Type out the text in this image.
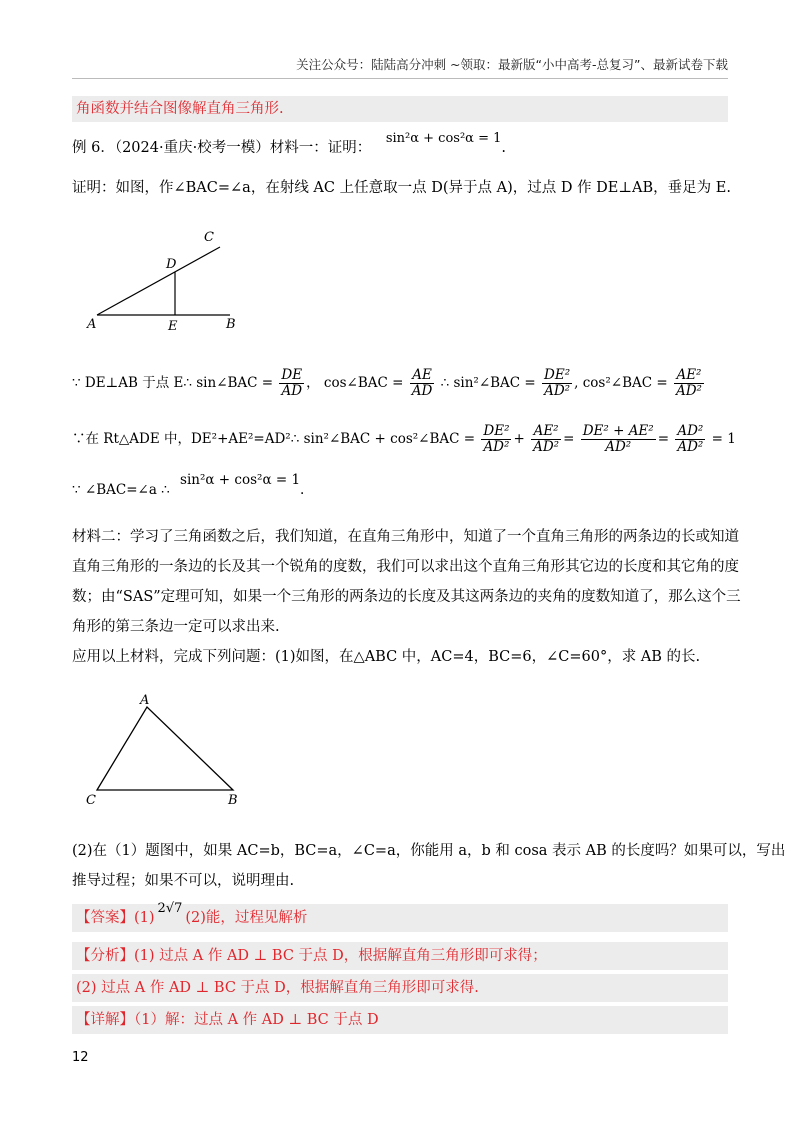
关注公众号：陆陆高分冲刺 ~领取：最新版“小中高考-总复习”、最新试卷下载
角函数并结合图像解直角三角形.
例 6．（2024·重庆·校考一模）材料一：证明： sin²α + cos²α = 1.
证明：如图，作∠BAC=∠a，在射线 AC 上任意取一点 D(异于点 A)，过点 D 作 DE⊥AB，垂足为 E.
A	B
C
D
E
∵ DE⊥AB 于点 E∴ sin∠BAC = $\frac{DE}{AD}$ ， cos∠BAC = $\frac{AE}{AD}$ ∴ sin²∠BAC = $\frac{\text{DE²}}{\text{AD²}}$ , cos²∠BAC = $\frac{\text{AE²}}{\text{AD²}}$
∵在 Rt△ADE 中，DE²+AE²=AD²∴ sin²∠BAC + cos²∠BAC = $\frac{\text{DE²}}{\text{AD²}} + \frac{\text{AE²}}{\text{AD²}} = \frac{\text{DE² + AE²}}{\text{AD²}} = \frac{\text{AD²}}{\text{AD²}} = 1$
∵ ∠BAC=∠a ∴ sin²α + cos²α = 1.
材料二：学习了三角函数之后，我们知道，在直角三角形中，知道了一个直角三角形的两条边的长或知道
直角三角形的一条边的长及其一个锐角的度数，我们可以求出这个直角三角形其它边的长度和其它角的度
数；由“SAS”定理可知，如果一个三角形的两条边的长度及其这两条边的夹角的度数知道了，那么这个三
角形的第三条边一定可以求出来.
应用以上材料，完成下列问题：(1)如图，在△ABC 中，AC=4，BC=6，∠C=60°，求 AB 的长.
A
C	B
(2)在（1）题图中，如果 AC=b，BC=a，∠C=a，你能用 a，b 和 cosa 表示 AB 的长度吗？如果可以，写出
推导过程；如果不可以，说明理由.
【答案】(1)2√7(2)能，过程见解析
【分析】(1) 过点 A 作 AD ⊥ BC 于点 D，根据解直角三角形即可求得；
(2) 过点 A 作 AD ⊥ BC 于点 D，根据解直角三角形即可求得.
【详解】（1）解：过点 A 作 AD ⊥ BC 于点 D
12
